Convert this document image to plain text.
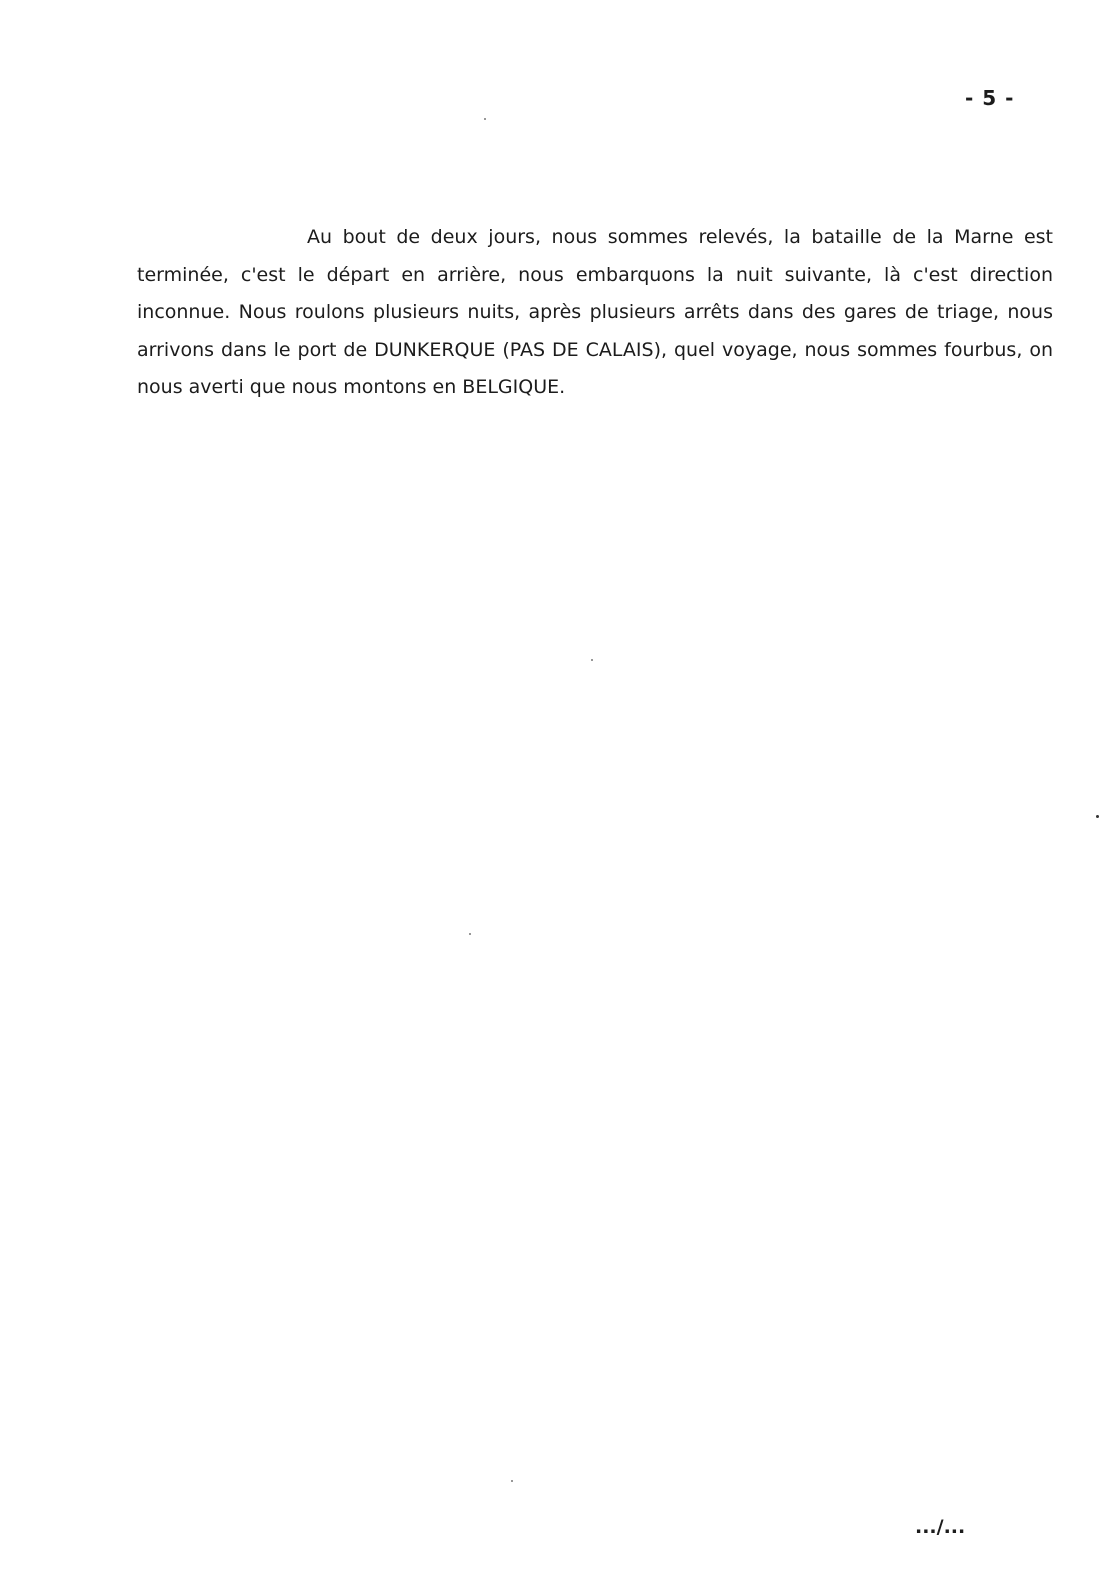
- 5 -

Au bout de deux jours, nous sommes relevés, la bataille de la Marne est terminée, c'est le départ en arrière, nous embarquons la nuit suivante, là c'est direction inconnue. Nous roulons plusieurs nuits, après plusieurs arrêts dans des gares de triage, nous arrivons dans le port de DUNKERQUE (PAS DE CALAIS), quel voyage, nous sommes fourbus, on nous averti que nous montons en BELGIQUE.

.../...
